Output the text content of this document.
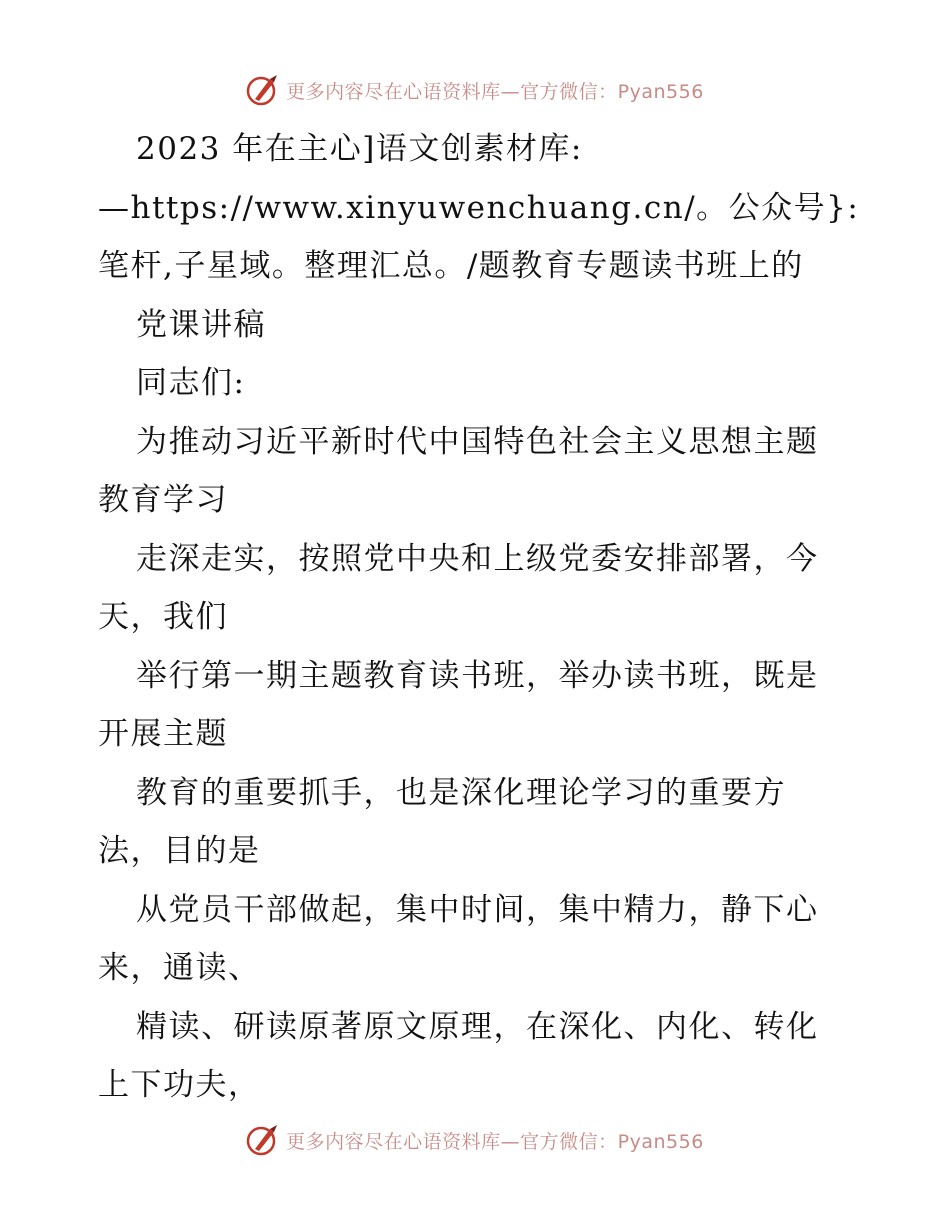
更多内容尽在心语资料库—官方微信：Pyan556
2023 年在主心]语文创素材库:
—https://www.xinyuwenchuang.cn/。公众号}:
笔杆,子星域。整理汇总。/题教育专题读书班上的
党课讲稿
同志们:
为推动习近平新时代中国特色社会主义思想主题
教育学习
走深走实，按照党中央和上级党委安排部署，今
天，我们
举行第一期主题教育读书班，举办读书班，既是
开展主题
教育的重要抓手，也是深化理论学习的重要方
法，目的是
从党员干部做起，集中时间，集中精力，静下心
来，通读、
精读、研读原著原文原理，在深化、内化、转化
上下功夫，
更多内容尽在心语资料库—官方微信：Pyan556
